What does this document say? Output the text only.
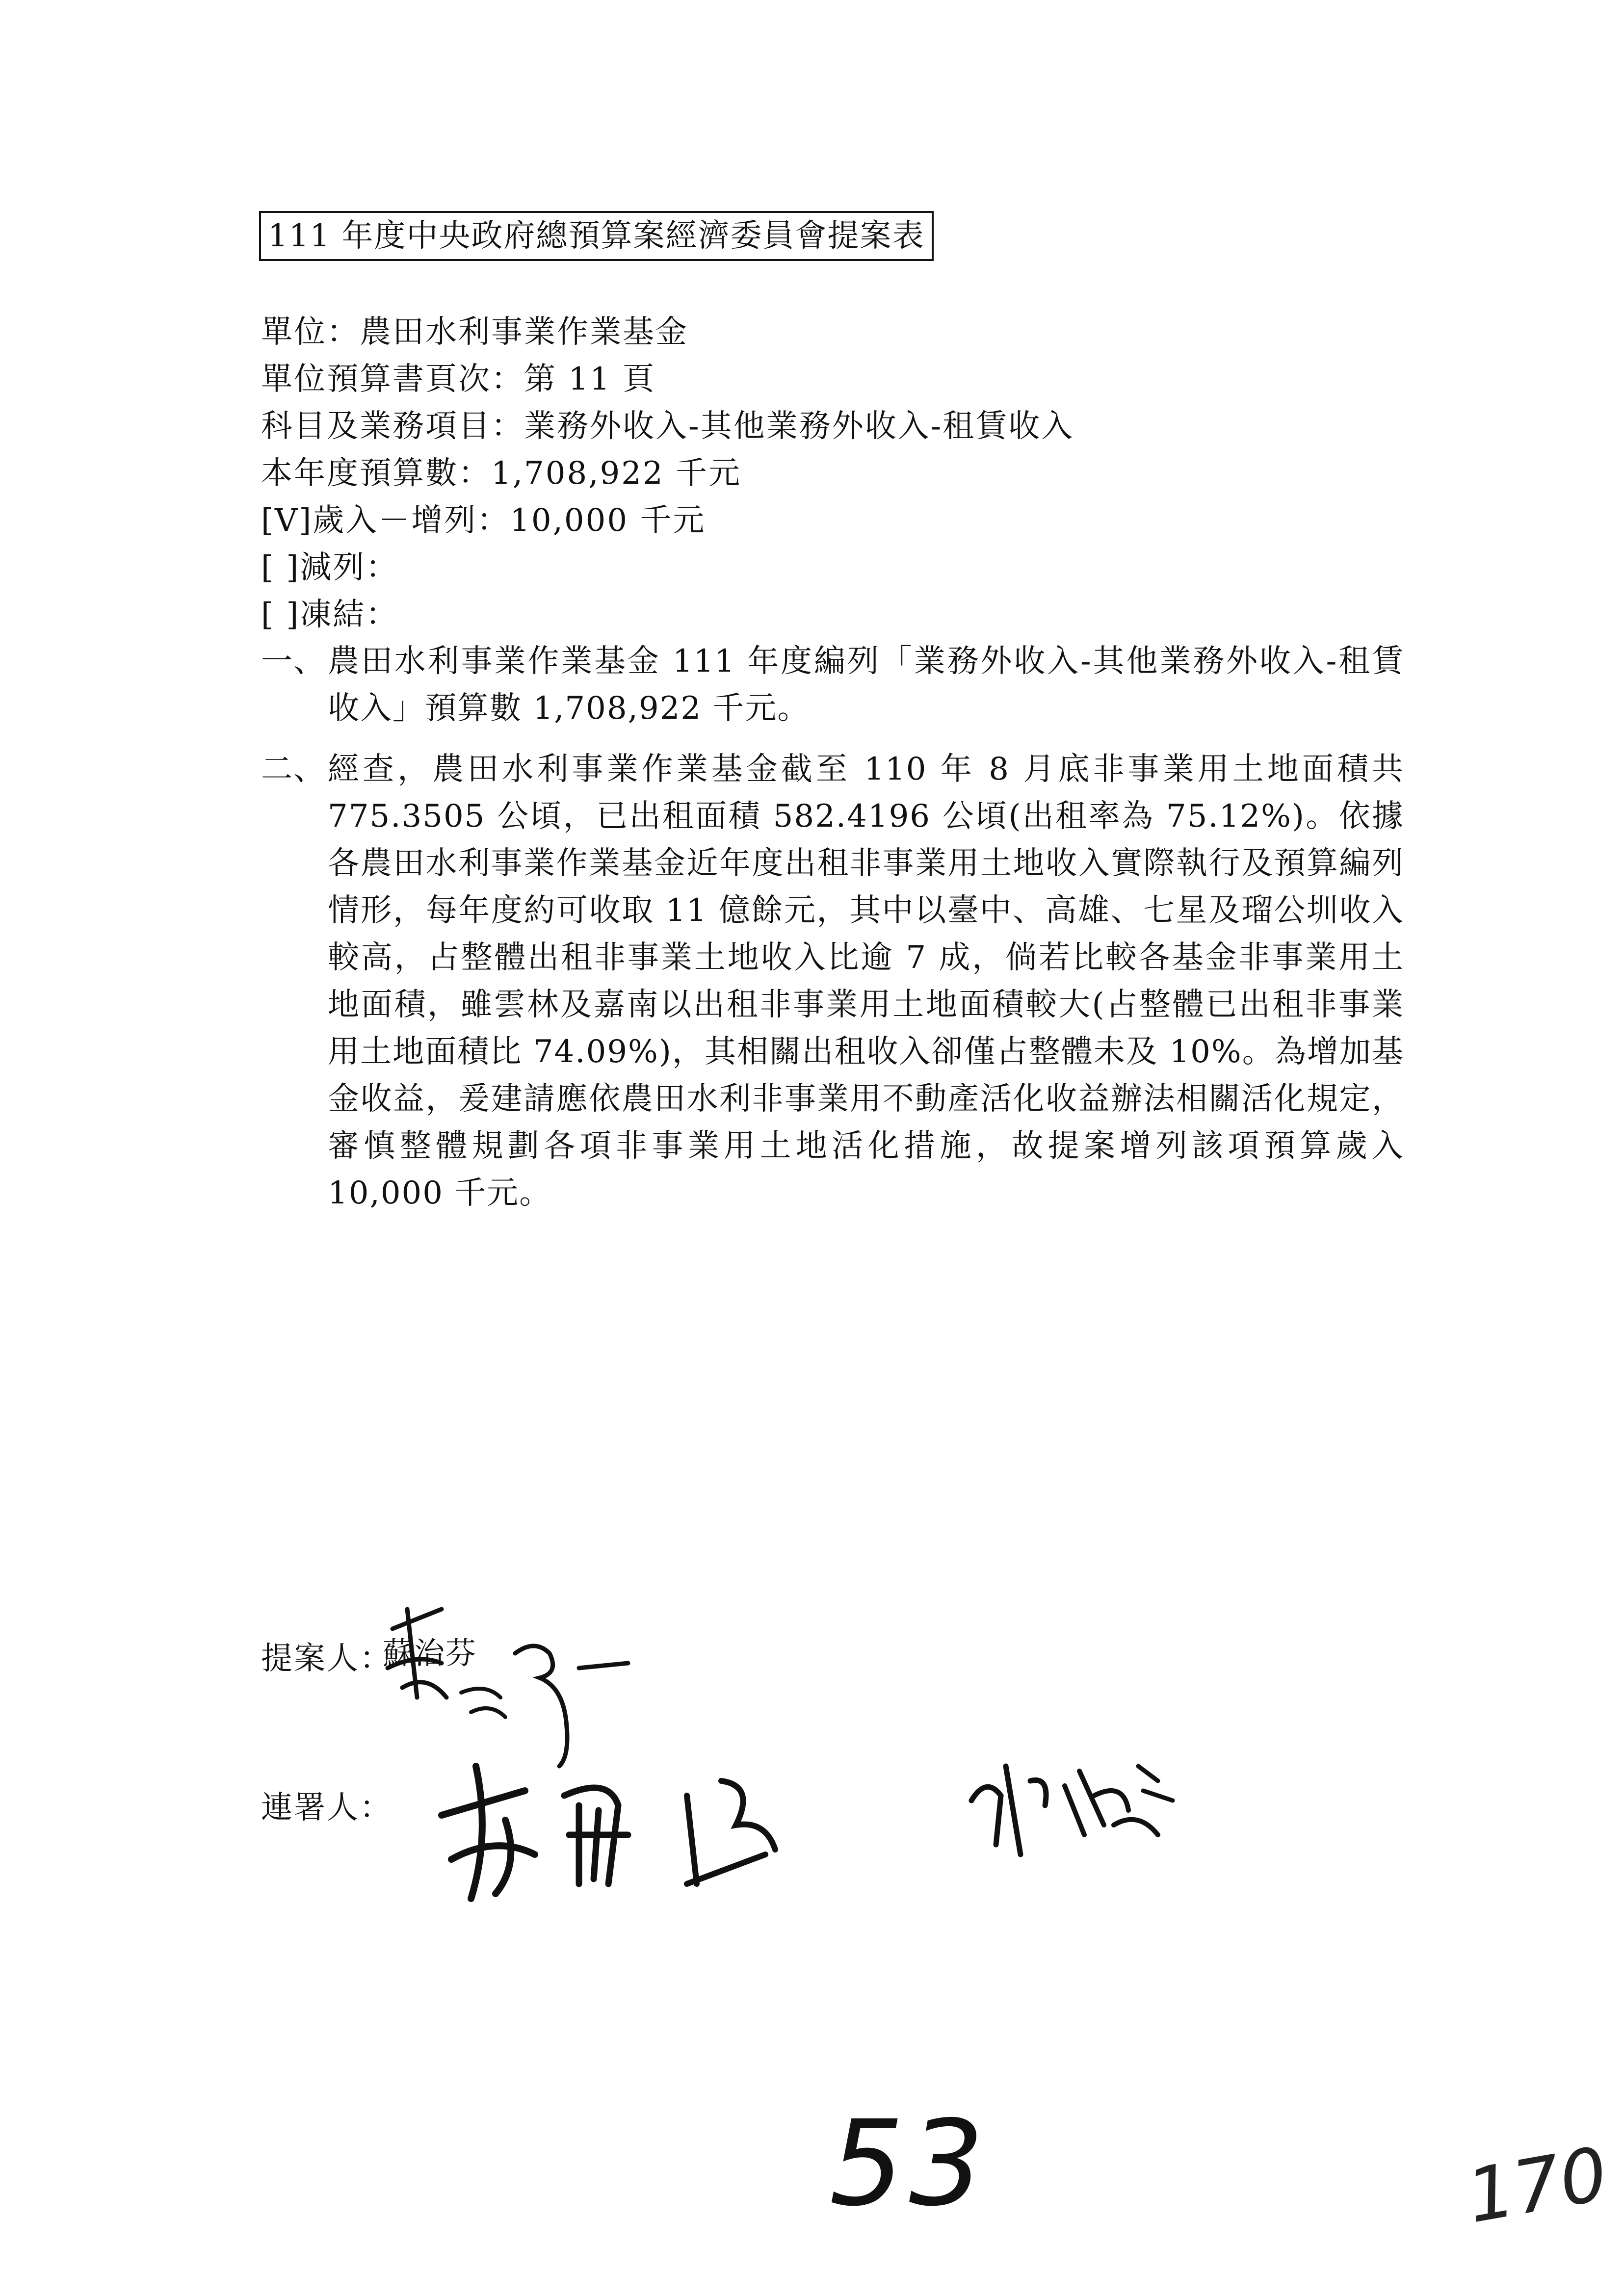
111 年度中央政府總預算案經濟委員會提案表
單位：農田水利事業作業基金
單位預算書頁次：第 11 頁
科目及業務項目：業務外收入-其他業務外收入-租賃收入
本年度預算數：1,708,922 千元
[V]歲入－增列：10,000 千元
[ ]減列：
[ ]凍結：
一、 農田水利事業作業基金 111 年度編列「業務外收入-其他業務外收入-租賃收入」預算數 1,708,922 千元。
二、 經查，農田水利事業作業基金截至 110 年 8 月底非事業用土地面積共 775.3505 公頃，已出租面積 582.4196 公頃(出租率為 75.12%)。依據各農田水利事業作業基金近年度出租非事業用土地收入實際執行及預算編列情形，每年度約可收取 11 億餘元，其中以臺中、高雄、七星及瑠公圳收入較高，占整體出租非事業土地收入比逾 7 成，倘若比較各基金非事業用土地面積，雖雲林及嘉南以出租非事業用土地面積較大(占整體已出租非事業用土地面積比 74.09%)，其相關出租收入卻僅占整體未及 10%。為增加基金收益，爰建請應依農田水利非事業用不動產活化收益辦法相關活化規定，審慎整體規劃各項非事業用土地活化措施，故提案增列該項預算歲入 10,000 千元。
提案人：
蘇治芬
連署人：
53	170
